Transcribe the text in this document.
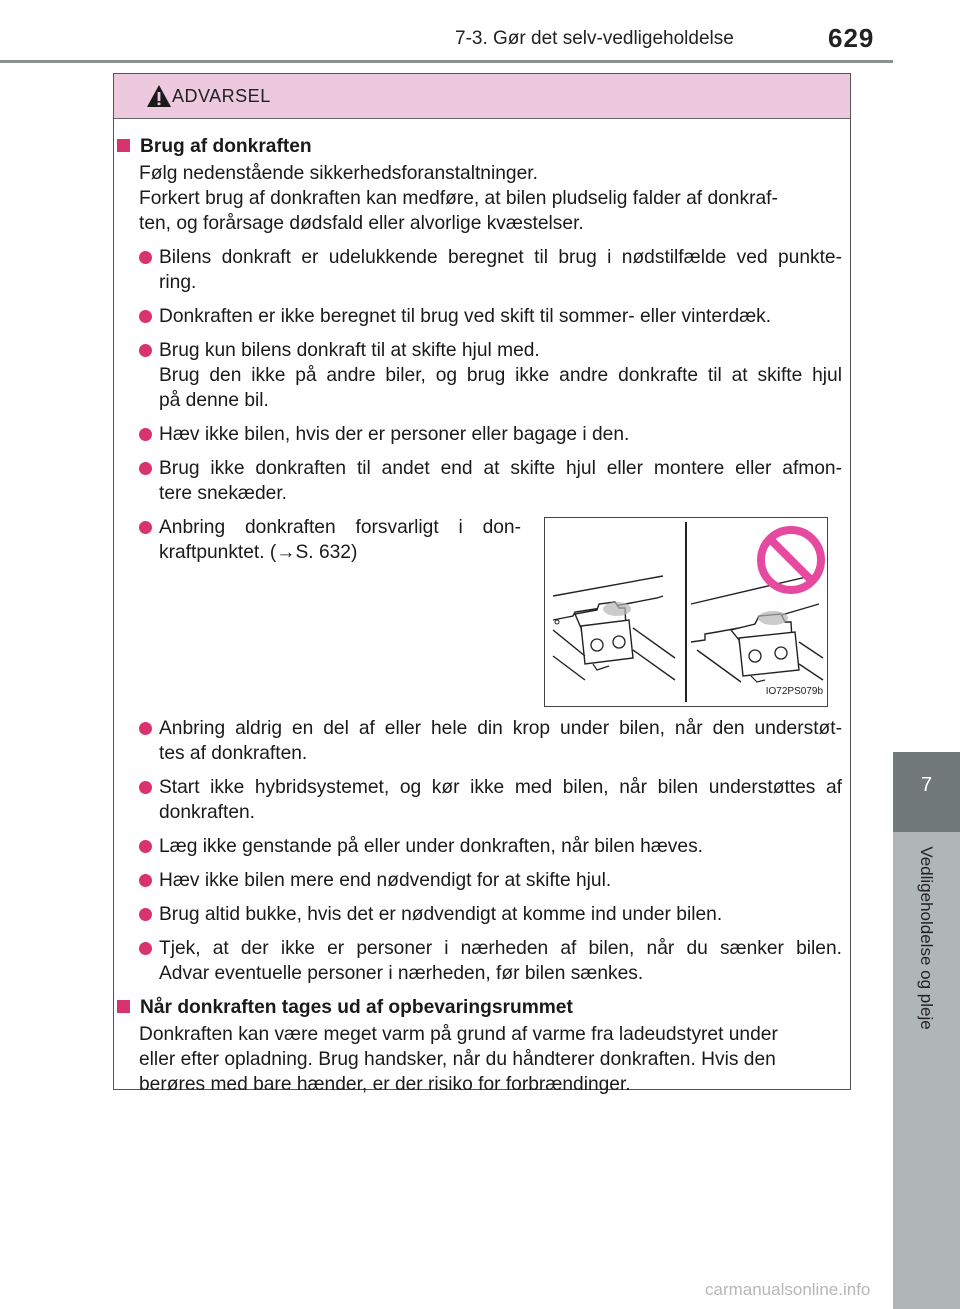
7-3. Gør det selv-vedligeholdelse	629
7
Vedligeholdelse og pleje
ADVARSEL
Brug af donkraften
Følg nedenstående sikkerhedsforanstaltninger.
Forkert brug af donkraften kan medføre, at bilen pludselig falder af donkraf-
ten, og forårsage dødsfald eller alvorlige kvæstelser.
Bilens donkraft er udelukkende beregnet til brug i nødstilfælde ved punkte-
ring.
Donkraften er ikke beregnet til brug ved skift til sommer- eller vinterdæk.
Brug kun bilens donkraft til at skifte hjul med.
Brug den ikke på andre biler, og brug ikke andre donkrafte til at skifte hjul
på denne bil.
Hæv ikke bilen, hvis der er personer eller bagage i den.
Brug ikke donkraften til andet end at skifte hjul eller montere eller afmon-
tere snekæder.
Anbring donkraften forsvarligt i don-
kraftpunktet. (→S. 632)
IO72PS079b
Anbring aldrig en del af eller hele din krop under bilen, når den understøt-
tes af donkraften.
Start ikke hybridsystemet, og kør ikke med bilen, når bilen understøttes af
donkraften.
Læg ikke genstande på eller under donkraften, når bilen hæves.
Hæv ikke bilen mere end nødvendigt for at skifte hjul.
Brug altid bukke, hvis det er nødvendigt at komme ind under bilen.
Tjek, at der ikke er personer i nærheden af bilen, når du sænker bilen.
Advar eventuelle personer i nærheden, før bilen sænkes.
Når donkraften tages ud af opbevaringsrummet
Donkraften kan være meget varm på grund af varme fra ladeudstyret under
eller efter opladning. Brug handsker, når du håndterer donkraften. Hvis den
berøres med bare hænder, er der risiko for forbrændinger.
carmanualsonline.info
